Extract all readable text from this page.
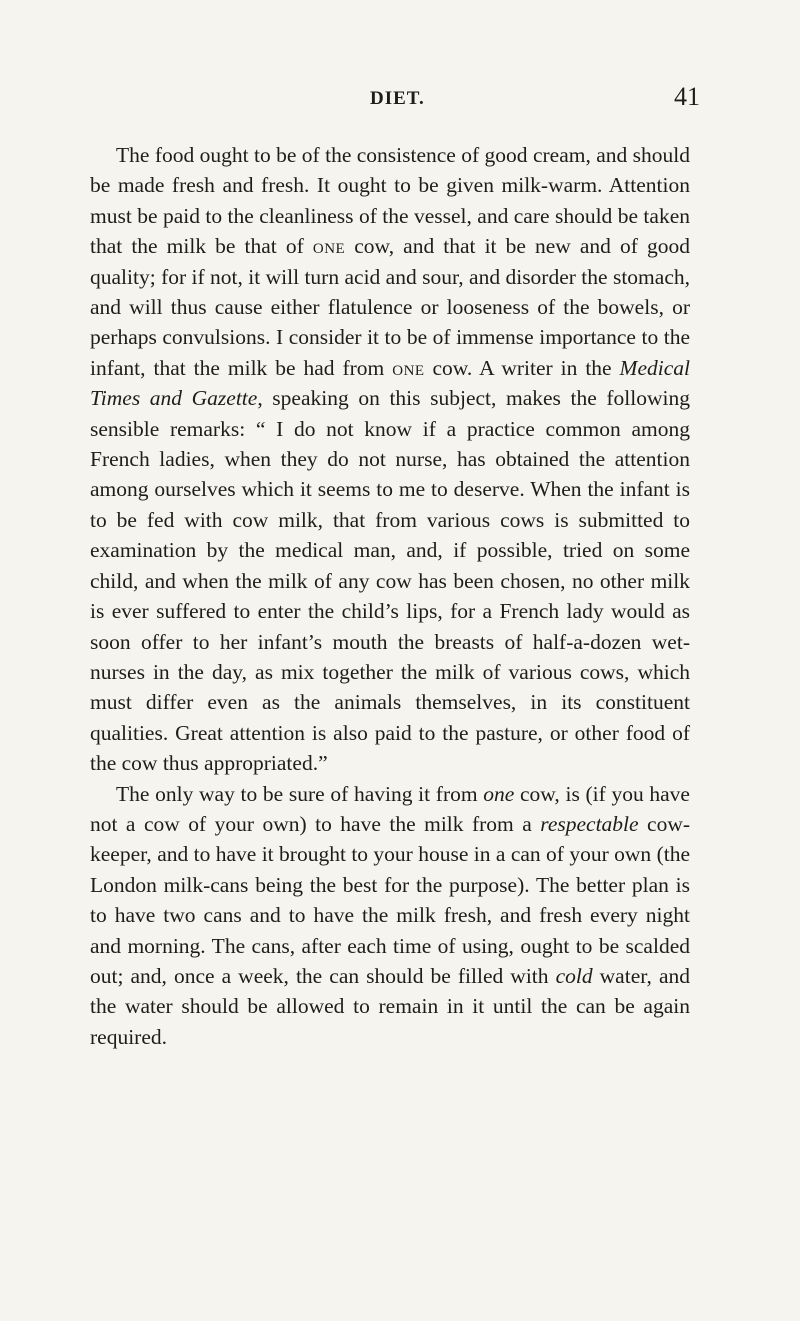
DIET.	41

The food ought to be of the consistence of good cream, and should be made fresh and fresh. It ought to be given milk-warm. Attention must be paid to the cleanliness of the vessel, and care should be taken that the milk be that of one cow, and that it be new and of good quality; for if not, it will turn acid and sour, and disorder the stomach, and will thus cause either flatulence or looseness of the bowels, or perhaps convulsions. I consider it to be of immense importance to the infant, that the milk be had from one cow. A writer in the Medical Times and Gazette, speaking on this subject, makes the following sensible remarks: “ I do not know if a practice common among French ladies, when they do not nurse, has obtained the attention among ourselves which it seems to me to deserve. When the infant is to be fed with cow milk, that from various cows is submitted to examination by the medical man, and, if possible, tried on some child, and when the milk of any cow has been chosen, no other milk is ever suffered to enter the child’s lips, for a French lady would as soon offer to her infant’s mouth the breasts of half-a-dozen wet-nurses in the day, as mix together the milk of various cows, which must differ even as the animals themselves, in its constituent qualities. Great attention is also paid to the pasture, or other food of the cow thus appropriated.”

The only way to be sure of having it from one cow, is (if you have not a cow of your own) to have the milk from a respectable cow-keeper, and to have it brought to your house in a can of your own (the London milk-cans being the best for the purpose). The better plan is to have two cans and to have the milk fresh, and fresh every night and morning. The cans, after each time of using, ought to be scalded out; and, once a week, the can should be filled with cold water, and the water should be allowed to remain in it until the can be again required.
